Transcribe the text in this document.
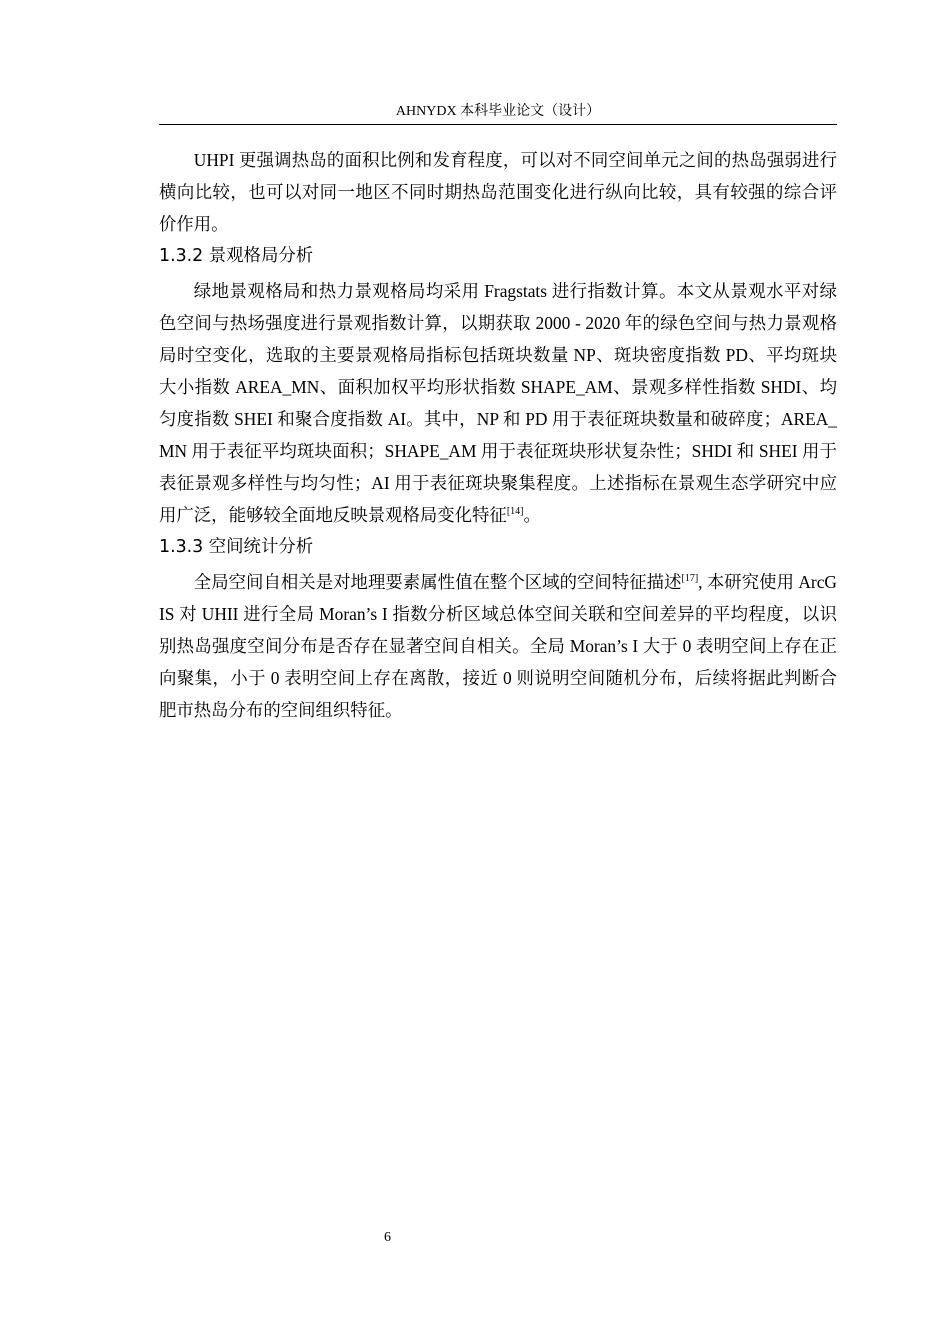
AHNYDX 本科毕业论文（设计）

UHPI 更强调热岛的面积比例和发育程度，可以对不同空间单元之间的热岛强弱进行横向比较，也可以对同一地区不同时期热岛范围变化进行纵向比较，具有较强的综合评价作用。

1.3.2 景观格局分析

绿地景观格局和热力景观格局均采用 Fragstats 进行指数计算。本文从景观水平对绿色空间与热场强度进行景观指数计算，以期获取 2000 - 2020 年的绿色空间与热力景观格局时空变化，选取的主要景观格局指标包括斑块数量 NP、斑块密度指数 PD、平均斑块大小指数 AREA_MN、面积加权平均形状指数 SHAPE_AM、景观多样性指数 SHDI、均匀度指数 SHEI 和聚合度指数 AI。其中，NP 和 PD 用于表征斑块数量和破碎度；AREA_MN 用于表征平均斑块面积；SHAPE_AM 用于表征斑块形状复杂性；SHDI 和 SHEI 用于表征景观多样性与均匀性；AI 用于表征斑块聚集程度。上述指标在景观生态学研究中应用广泛，能够较全面地反映景观格局变化特征[14]。

1.3.3 空间统计分析

全局空间自相关是对地理要素属性值在整个区域的空间特征描述[17], 本研究使用 ArcGIS 对 UHII 进行全局 Moran’s I 指数分析区域总体空间关联和空间差异的平均程度，以识别热岛强度空间分布是否存在显著空间自相关。全局 Moran’s I 大于 0 表明空间上存在正向聚集，小于 0 表明空间上存在离散，接近 0 则说明空间随机分布，后续将据此判断合肥市热岛分布的空间组织特征。

6
